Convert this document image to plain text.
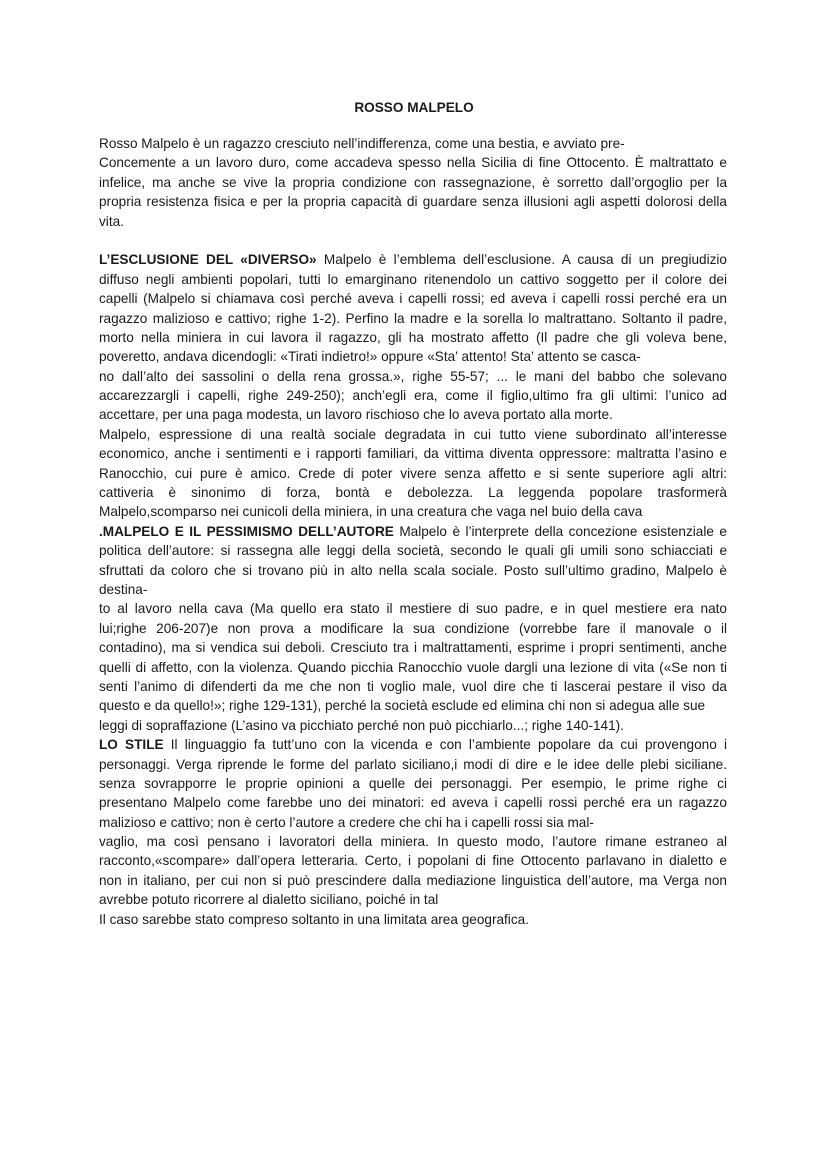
ROSSO MALPELO
Rosso Malpelo è un ragazzo cresciuto nell’indifferenza, come una bestia, e avviato pre-
Concemente a un lavoro duro, come accadeva spesso nella Sicilia di fine Ottocento. È maltrattato e
infelice, ma anche se vive la propria condizione con rassegnazione, è sorretto dall’orgoglio per la
propria resistenza fisica e per la propria capacità di guardare senza illusioni agli aspetti dolorosi della
vita.
L’ESCLUSIONE DEL «DIVERSO» Malpelo è l’emblema dell’esclusione. A causa di un pregiudizio
diffuso negli ambienti popolari, tutti lo emarginano ritenendolo un cattivo soggetto per il colore dei
capelli (Malpelo si chiamava così perché aveva i capelli rossi; ed aveva i capelli rossi perché era un
ragazzo malizioso e cattivo; righe 1-2). Perfino la madre e la sorella lo maltrattano. Soltanto il padre,
morto nella miniera in cui lavora il ragazzo, gli ha mostrato affetto (Il padre che gli voleva bene,
poveretto, andava dicendogli: «Tirati indietro!» oppure «Sta’ attento! Sta’ attento se casca-
no dall’alto dei sassolini o della rena grossa.», righe 55-57; ... le mani del babbo che solevano
accarezzargli i capelli, righe 249-250); anch’egli era, come il figlio,ultimo fra gli ultimi: l’unico ad
accettare, per una paga modesta, un lavoro rischioso che lo aveva portato alla morte.
Malpelo, espressione di una realtà sociale degradata in cui tutto viene subordinato all’interesse
economico, anche i sentimenti e i rapporti familiari, da vittima diventa oppressore: maltratta l’asino e
Ranocchio, cui pure è amico. Crede di poter vivere senza affetto e si sente superiore agli altri:
cattiveria è sinonimo di forza, bontà e debolezza. La leggenda popolare trasformerà
Malpelo,scomparso nei cunicoli della miniera, in una creatura che vaga nel buio della cava
.MALPELO E IL PESSIMISMO DELL’AUTORE Malpelo è l’interprete della concezione esistenziale e
politica dell’autore: si rassegna alle leggi della società, secondo le quali gli umili sono schiacciati e
sfruttati da coloro che si trovano più in alto nella scala sociale. Posto sull’ultimo gradino, Malpelo è
destina-
to al lavoro nella cava (Ma quello era stato il mestiere di suo padre, e in quel mestiere era nato
lui;righe 206-207)e non prova a modificare la sua condizione (vorrebbe fare il manovale o il
contadino), ma si vendica sui deboli. Cresciuto tra i maltrattamenti, esprime i propri sentimenti, anche
quelli di affetto, con la violenza. Quando picchia Ranocchio vuole dargli una lezione di vita («Se non ti
senti l’animo di difenderti da me che non ti voglio male, vuol dire che ti lascerai pestare il viso da
questo e da quello!»; righe 129-131), perché la società esclude ed elimina chi non si adegua alle sue
leggi di sopraffazione (L’asino va picchiato perché non può picchiarlo...; righe 140-141).
LO STILE Il linguaggio fa tutt’uno con la vicenda e con l’ambiente popolare da cui provengono i
personaggi. Verga riprende le forme del parlato siciliano,i modi di dire e le idee delle plebi siciliane.
senza sovrapporre le proprie opinioni a quelle dei personaggi. Per esempio, le prime righe ci
presentano Malpelo come farebbe uno dei minatori: ed aveva i capelli rossi perché era un ragazzo
malizioso e cattivo; non è certo l’autore a credere che chi ha i capelli rossi sia mal-
vaglio, ma così pensano i lavoratori della miniera. In questo modo, l’autore rimane estraneo al
racconto,«scompare» dall’opera letteraria. Certo, i popolani di fine Ottocento parlavano in dialetto e
non in italiano, per cui non si può prescindere dalla mediazione linguistica dell’autore, ma Verga non
avrebbe potuto ricorrere al dialetto siciliano, poiché in tal
Il caso sarebbe stato compreso soltanto in una limitata area geografica.
